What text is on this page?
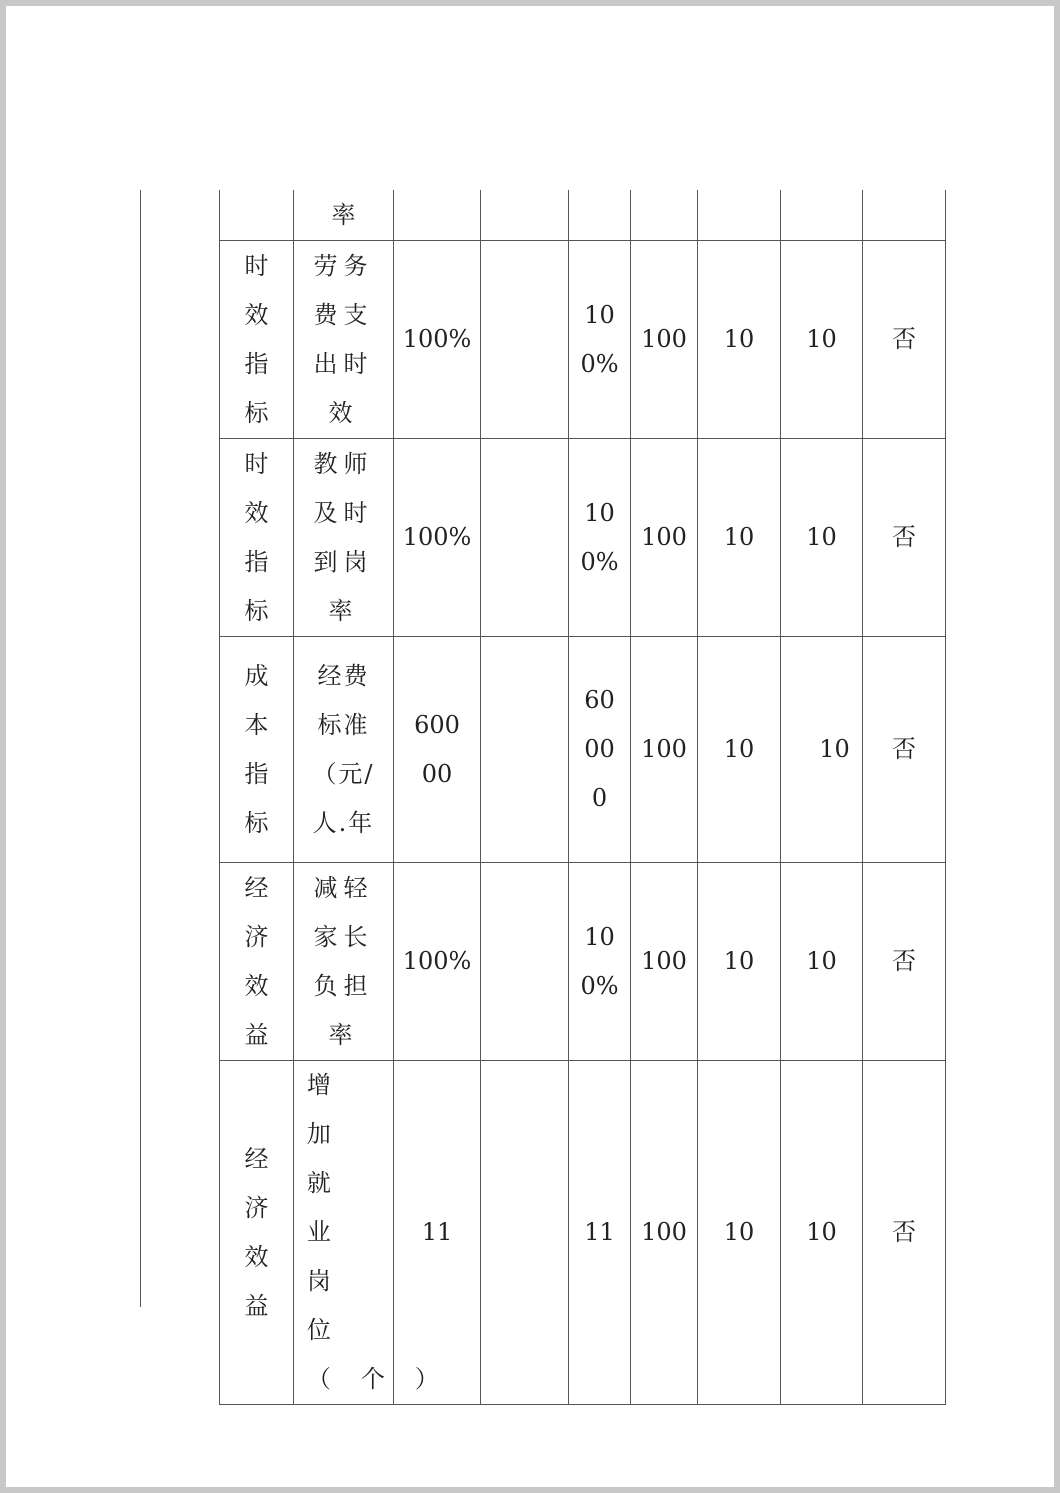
	率							

时效指标	劳务费支出时效	100%		100%	100	10	10	否

时效指标	教师及时到岗率	100%		100%	100	10	10	否

成本指标	经费标准（元/人.年	60000		60000	100	10	10	否

经济效益	减轻家长负担率	100%		100%	100	10	10	否

经济效益	增加就业岗位（个）	11		11	100	10	10	否
